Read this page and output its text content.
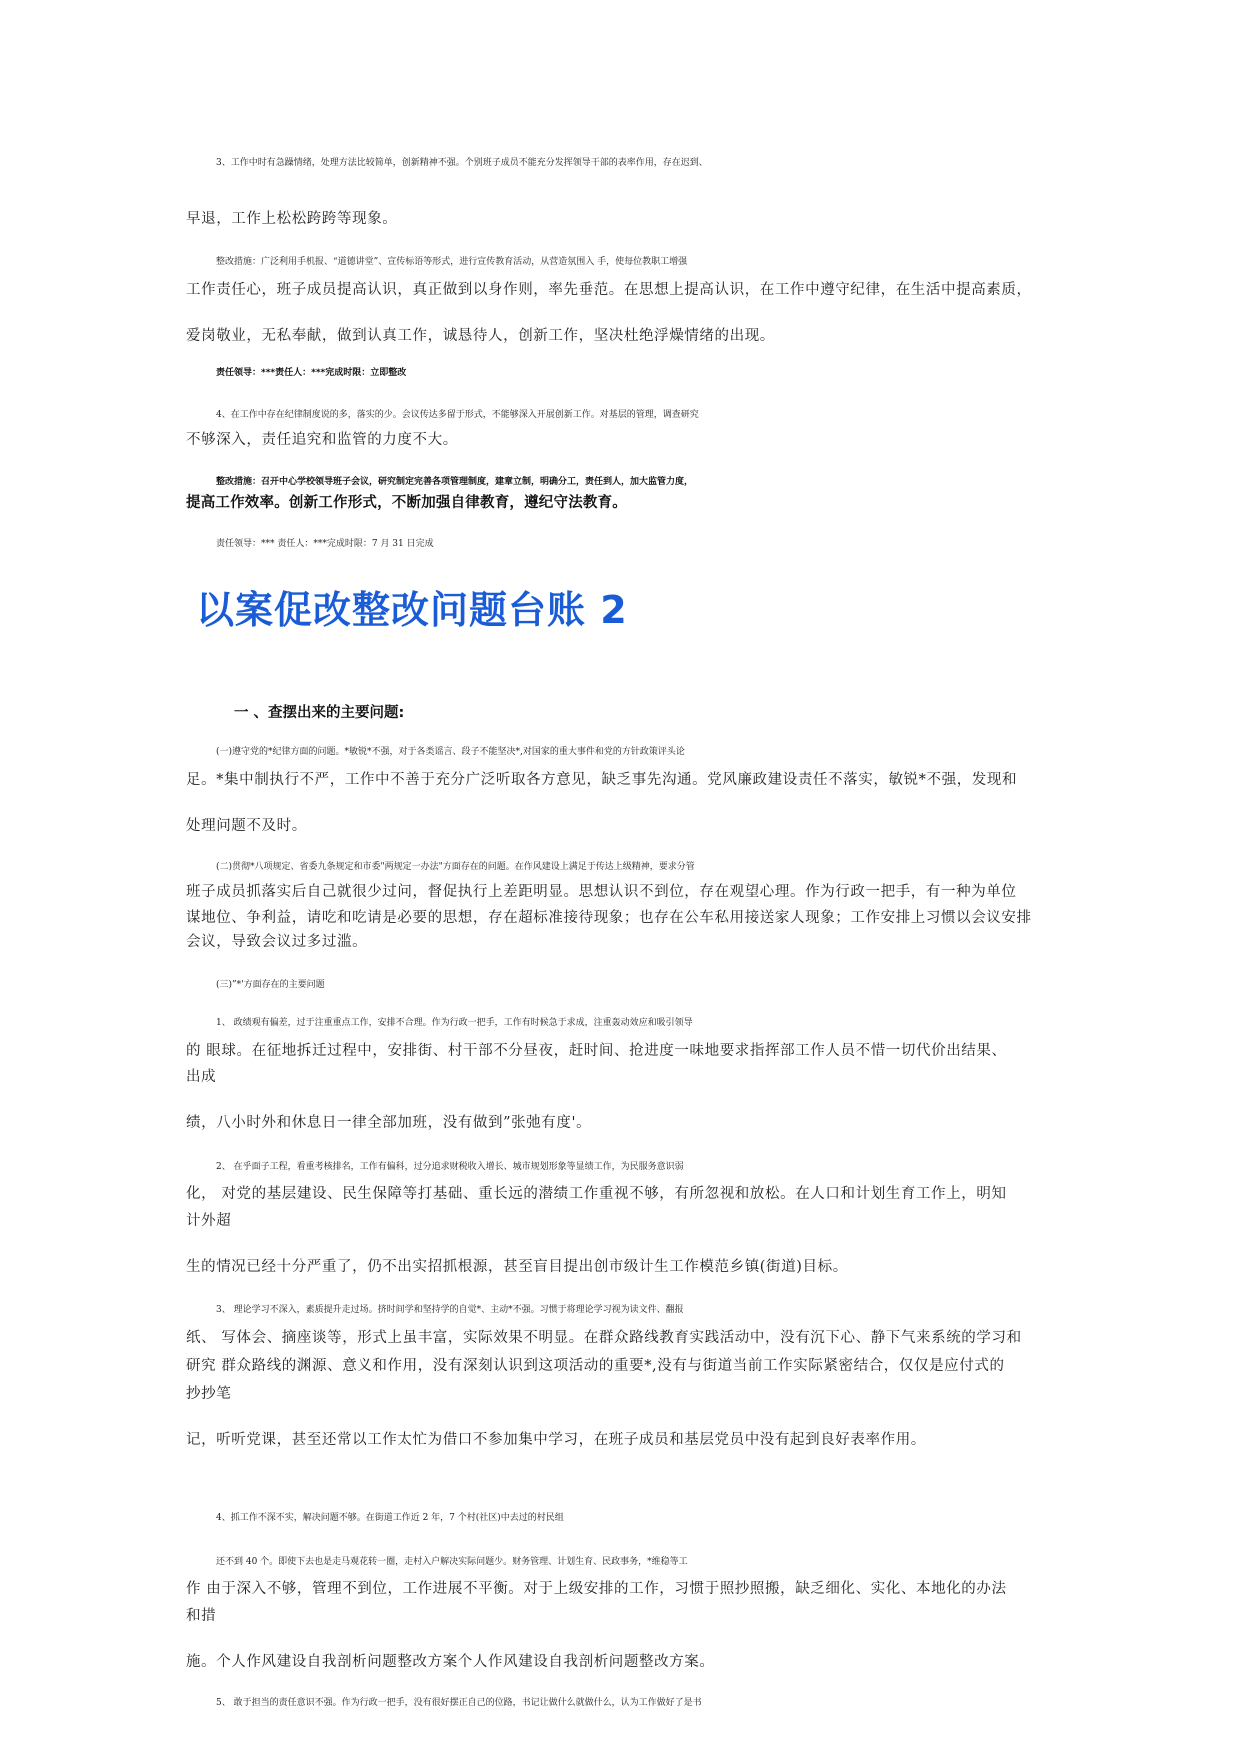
3、工作中时有急躁情绪，处理方法比较简单，创新精神不强。个别班子成员不能充分发挥领导干部的表率作用，存在迟到、
早退，工作上松松跨跨等现象。
整改措施：广泛利用手机报、“道德讲堂”、宣传标语等形式，进行宣传教育活动，从营造氛围入 手，使每位教职工增强
工作责任心，班子成员提高认识，真正做到以身作则，率先垂范。在思想上提高认识，在工作中遵守纪律，在生活中提高素质，
爱岗敬业，无私奉献，做到认真工作，诚恳待人，创新工作，坚决杜绝浮燥情绪的出现。
责任领导：***责任人：***完成时限：立即整改
4、在工作中存在纪律制度说的多，落实的少。会议传达多留于形式，不能够深入开展创新工作。对基层的管理，调查研究
不够深入，责任追究和监管的力度不大。
整改措施：召开中心学校领导班子会议，研究制定完善各项管理制度，建章立制，明确分工，责任到人，加大监管力度，
提高工作效率。创新工作形式，不断加强自律教育，遵纪守法教育。
责任领导：*** 责任人：***完成时限：7 月 31 日完成
以案促改整改问题台账 2
一 、查摆出来的主要问题:
(一)遵守党的*纪律方面的问题。*敏锐*不强，对于各类谣言、段子不能坚决*,对国家的重大事件和党的方针政策评头论
足。*集中制执行不严，工作中不善于充分广泛听取各方意见，缺乏事先沟通。党风廉政建设责任不落实，敏锐*不强，发现和
处理问题不及时。
(二)贯彻*八项规定、省委九条规定和市委"两规定一办法"方面存在的问题。在作风建设上满足于传达上级精神，要求分管
班子成员抓落实后自己就很少过问，督促执行上差距明显。思想认识不到位，存在观望心理。作为行政一把手，有一种为单位
谋地位、争利益，请吃和吃请是必要的思想，存在超标准接待现象；也存在公车私用接送家人现象；工作安排上习惯以会议安排
会议，导致会议过多过滥。
(三)”*'方面存在的主要问题
1、 政绩观有偏差，过于注重重点工作，安排不合理。作为行政一把手，工作有时候急于求成，注重轰动效应和吸引领导
的 眼球。在征地拆迁过程中，安排街、村干部不分昼夜，赶时间、抢进度一味地要求指挥部工作人员不惜一切代价出结果、
出成
绩，八小时外和休息日一律全部加班，没有做到”张弛有度'。
2、 在乎面子工程，看重考核排名，工作有偏科，过分追求财税收入增长、城市规划形象等显绩工作，为民服务意识弱
化， 对党的基层建设、民生保障等打基础、重长远的潜绩工作重视不够，有所忽视和放松。在人口和计划生育工作上，明知
计外超
生的情况已经十分严重了，仍不出实招抓根源，甚至盲目提出创市级计生工作模范乡镇(街道)目标。
3、 理论学习不深入，素质提升走过场。挤时间学和坚持学的自觉*、主动*不强。习惯于将理论学习视为读文件、翻报
纸、 写体会、摘座谈等，形式上虽丰富，实际效果不明显。在群众路线教育实践活动中，没有沉下心、静下气来系统的学习和
研究 群众路线的渊源、意义和作用，没有深刻认识到这项活动的重要*,没有与街道当前工作实际紧密结合，仅仅是应付式的
抄抄笔
记，听听党课，甚至还常以工作太忙为借口不参加集中学习，在班子成员和基层党员中没有起到良好表率作用。
4、抓工作不深不实，解决问题不够。在街道工作近 2 年，7 个村(社区)中去过的村民组
还不到 40 个。即使下去也是走马观花转一圈，走村入户解决实际问题少。财务管理、计划生育、民政事务，*维稳等工
作 由于深入不够，管理不到位，工作进展不平衡。对于上级安排的工作，习惯于照抄照搬，缺乏细化、实化、本地化的办法
和措
施。个人作风建设自我剖析问题整改方案个人作风建设自我剖析问题整改方案。
5、 敢于担当的责任意识不强。作为行政一把手，没有很好摆正自己的位路，书记让做什么就做什么，认为工作做好了是书
